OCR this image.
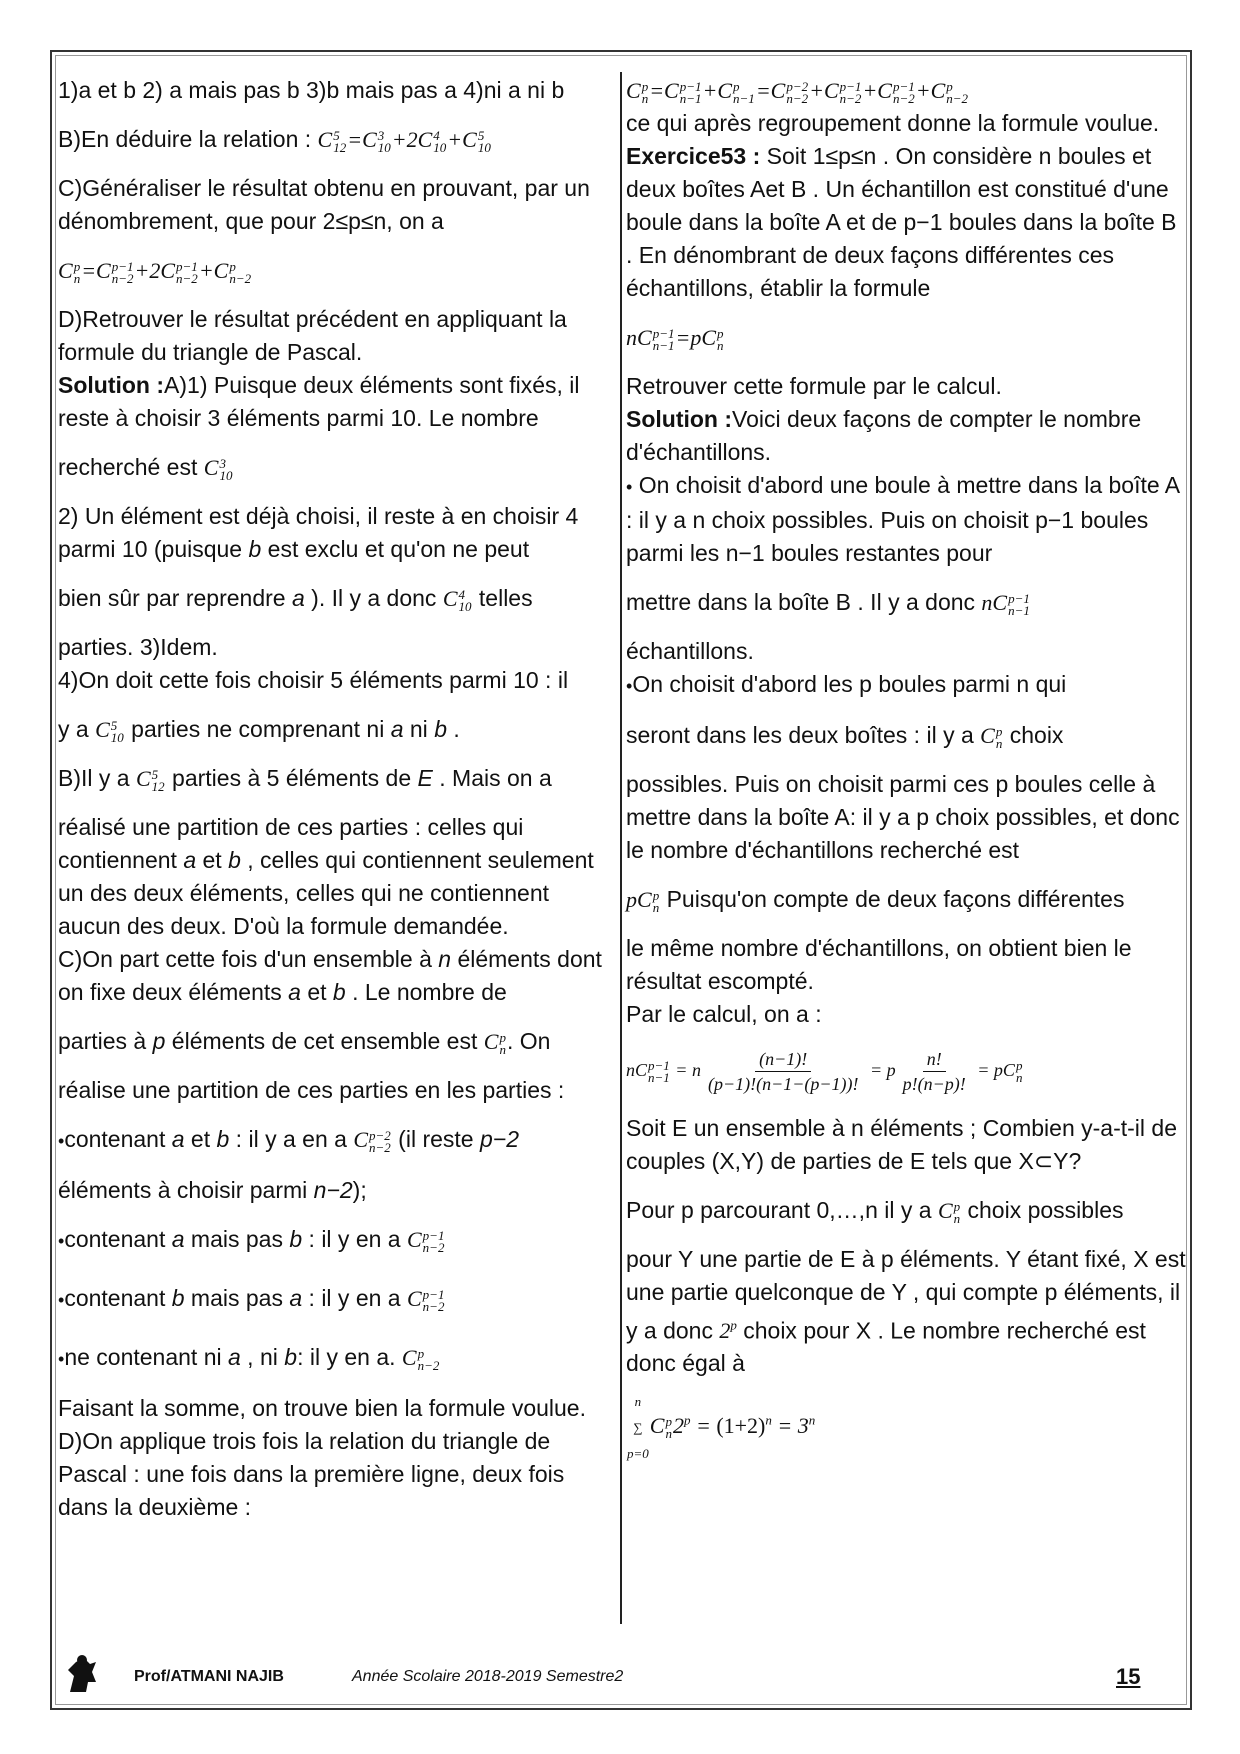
1)a et b 2) a mais pas b 3)b mais pas a 4)ni a ni b

B)En déduire la relation : C 5
12 =C 3
10 +2C 4
10 +C 5
10

C)Généraliser le résultat obtenu en prouvant, par un dénombrement, que pour 2≤p≤n, on a

C p
n =C p−1
n−2 +2C p−1
n−2 +C p
n−2

D)Retrouver le résultat précédent en appliquant la formule du triangle de Pascal.

Solution :A)1) Puisque deux éléments sont fixés, il reste à choisir 3 éléments parmi 10. Le nombre

recherché est C 3
10

2) Un élément est déjà choisi, il reste à en choisir 4 parmi 10 (puisque b est exclu et qu'on ne peut

bien sûr par reprendre a ). Il y a donc C 4
10 telles

parties. 3)Idem.

4)On doit cette fois choisir 5 éléments parmi 10 : il

y a C 5
10 parties ne comprenant ni a ni b .

B)Il y a C 5
12 parties à 5 éléments de E . Mais on a

réalisé une partition de ces parties : celles qui contiennent a et b , celles qui contiennent seulement un des deux éléments, celles qui ne contiennent aucun des deux. D'où la formule demandée.

C)On part cette fois d'un ensemble à n éléments dont on fixe deux éléments a et b . Le nombre de

parties à p éléments de cet ensemble est C p
n . On

réalise une partition de ces parties en les parties :

•contenant a et b : il y a en a C p−2
n−2 (il reste p−2

éléments à choisir parmi n−2);

•contenant a mais pas b : il y en a C p−1
n−2

•contenant b mais pas a : il y en a C p−1
n−2

•ne contenant ni a , ni b: il y en a. C p
n−2

Faisant la somme, on trouve bien la formule voulue.

D)On applique trois fois la relation du triangle de Pascal : une fois dans la première ligne, deux fois dans la deuxième :

C p
n =C p−1
n−1 +C p
n−1 =C p−2
n−2 +C p−1
n−2 +C p−1
n−2 +C p
n−2

ce qui après regroupement donne la formule voulue.

Exercice53 : Soit 1≤p≤n . On considère n boules et deux boîtes Aet B . Un échantillon est constitué d'une boule dans la boîte A et de p−1 boules dans la boîte B . En dénombrant de deux façons différentes ces échantillons, établir la formule

nC p−1
n−1 =pC p
n

Retrouver cette formule par le calcul.

Solution :Voici deux façons de compter le nombre d'échantillons.

• On choisit d'abord une boule à mettre dans la boîte A : il y a n choix possibles. Puis on choisit p−1 boules parmi les n−1 boules restantes pour

mettre dans la boîte B . Il y a donc nC p−1
n−1

échantillons.

•On choisit d'abord les p boules parmi n qui

seront dans les deux boîtes : il y a C p
n choix

possibles. Puis on choisit parmi ces p boules celle à mettre dans la boîte A: il y a p choix possibles, et donc le nombre d'échantillons recherché est

pC p
n Puisqu'on compte de deux façons différentes

le même nombre d'échantillons, on obtient bien le résultat escompté.

Par le calcul, on a :

nC p−1
n−1 = n $\frac{(n-1)!}{(p-1)!(n-1-(p-1))!} = p \frac{n!}{p!(n-p)!}$ = pC p
n

Soit E un ensemble à n éléments ; Combien y-a-t-il de couples (X,Y) de parties de E tels que X⊂Y?

Pour p parcourant 0,…,n il y a C p
n choix possibles

pour Y une partie de E à p éléments. Y étant fixé, X est une partie quelconque de Y , qui compte p éléments, il y a donc 2$^p$ choix pour X . Le nombre recherché est donc égal à

n
∑
p=0
C p
n $2^p = (1+2)^n = 3^n$

Prof/ATMANI NAJIB	Année Scolaire 2018-2019 Semestre2	15
